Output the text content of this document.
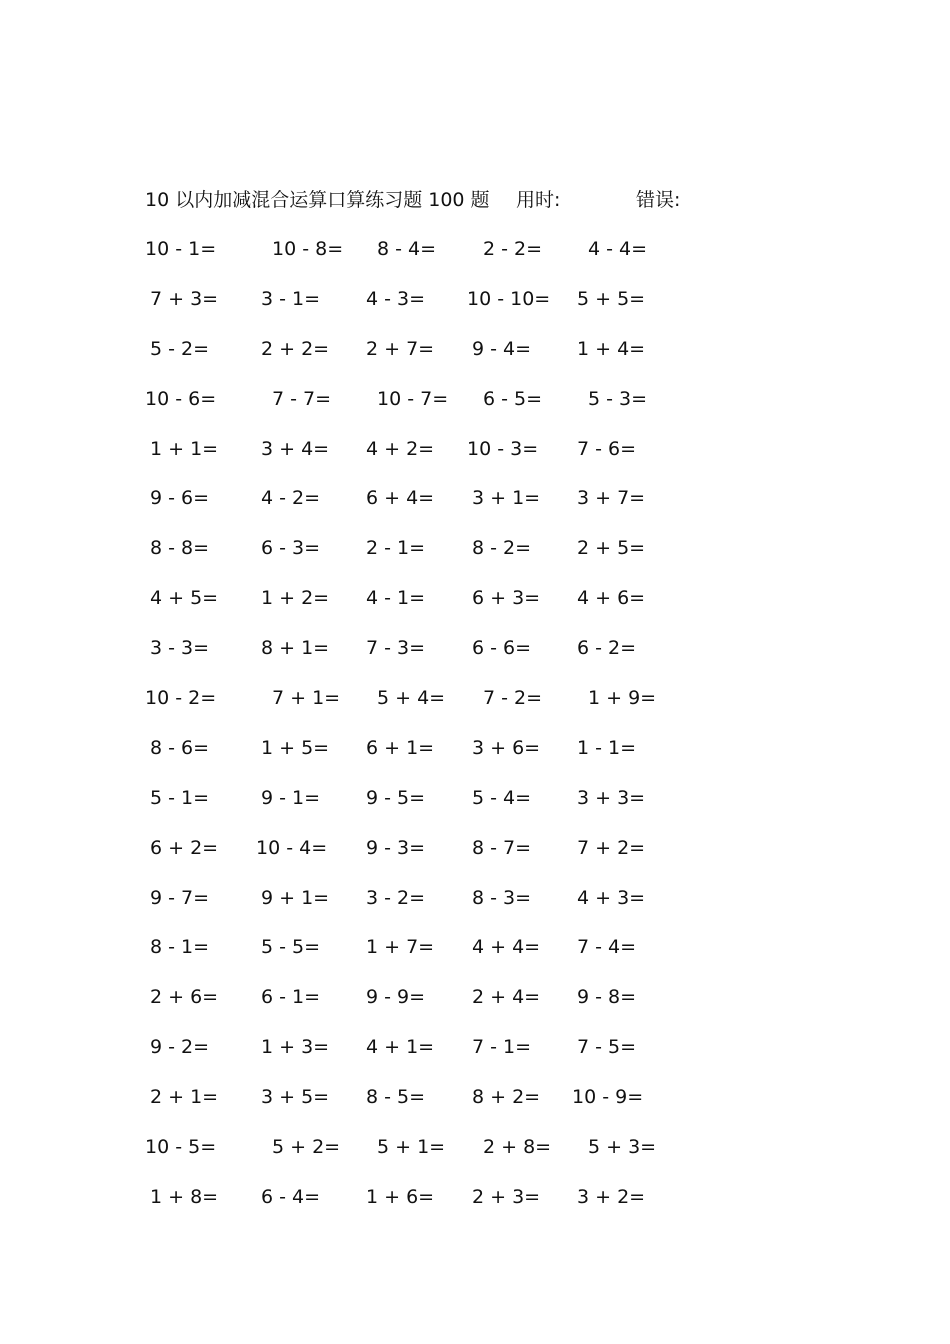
10 以内加减混合运算口算练习题 100 题

用时:

	错误:

10 - 1=	10 - 8= 8 - 4= 2 - 2= 4 - 4=
7 + 3= 3 - 1= 4 - 3= 10 - 10= 5 + 5=
5 - 2=	2 + 2= 2 + 7= 9 - 4= 1 + 4=
10 - 6=	7 - 7= 10 - 7= 6 - 5= 5 - 3=
1 + 1= 3 + 4= 4 + 2= 10 - 3= 7 - 6=
9 - 6=	4 - 2= 6 + 4= 3 + 1= 3 + 7=
8 - 8=	6 - 3= 2 - 1= 8 - 2= 2 + 5=
4 + 5= 1 + 2= 4 - 1= 6 + 3= 4 + 6=
3 - 3=	8 + 1= 7 - 3= 6 - 6= 6 - 2=
10 - 2=	7 + 1= 5 + 4= 7 - 2= 1 + 9=
8 - 6=	1 + 5= 6 + 1= 3 + 6= 1 - 1=
5 - 1=	9 - 1= 9 - 5= 5 - 4= 3 + 3=
6 + 2= 10 - 4= 9 - 3= 8 - 7= 7 + 2=
9 - 7=	9 + 1= 3 - 2= 8 - 3= 4 + 3=
8 - 1=	5 - 5= 1 + 7= 4 + 4= 7 - 4=
2 + 6= 6 - 1= 9 - 9= 2 + 4= 9 - 8=
9 - 2=	1 + 3= 4 + 1= 7 - 1= 7 - 5=
2 + 1= 3 + 5= 8 - 5= 8 + 2= 10 - 9=
10 - 5=	5 + 2= 5 + 1= 2 + 8= 5 + 3=
1 + 8= 6 - 4= 1 + 6= 2 + 3= 3 + 2=
